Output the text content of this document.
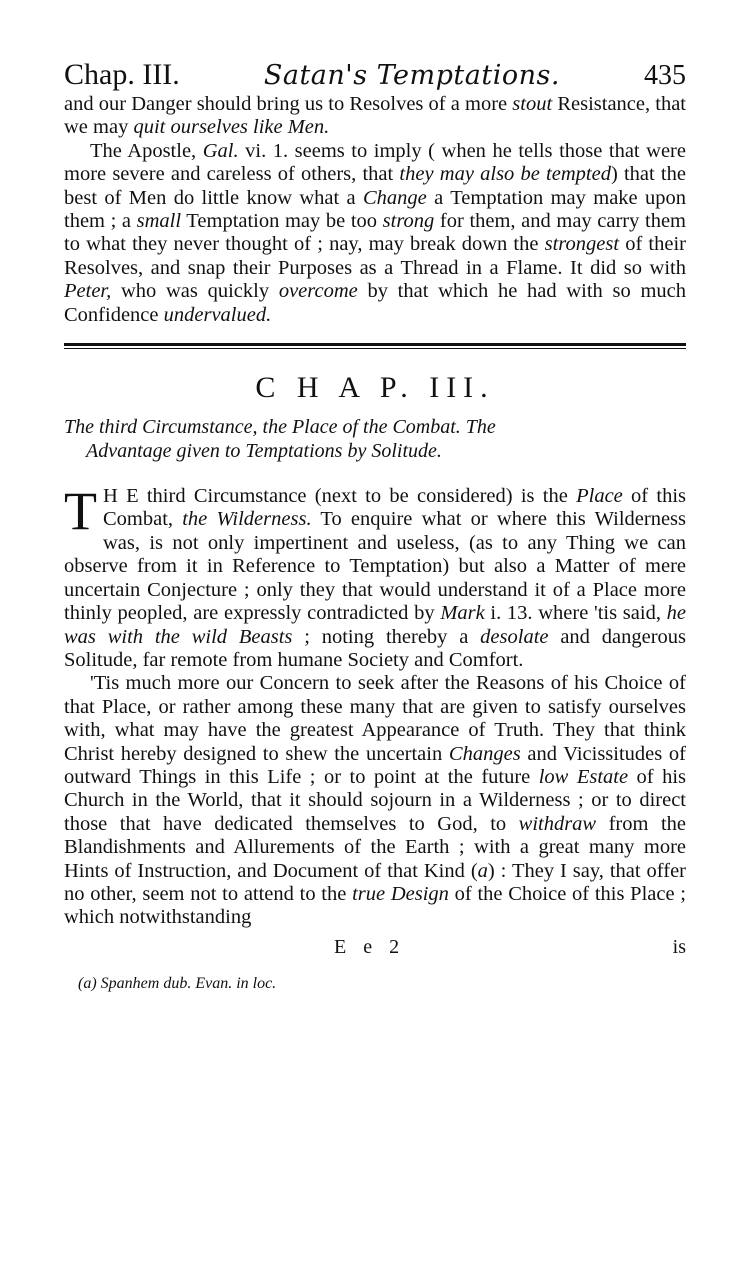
Chap. III.	Satan's Temptations.	435

and our Danger should bring us to Resolves of a more stout Resistance, that we may quit ourselves like Men.

The Apostle, Gal. vi. 1. seems to imply ( when he tells those that were more severe and careless of others, that they may also be tempted) that the best of Men do little know what a Change a Temptation may make upon them ; a small Temptation may be too strong for them, and may carry them to what they never thought of ; nay, may break down the strongest of their Resolves, and snap their Purposes as a Thread in a Flame. It did so with Peter, who was quickly overcome by that which he had with so much Confidence undervalued.

C H A P. III.
The third Circumstance, the Place of the Combat. The
Advantage given to Temptations by Solitude.

T H E third Circumstance (next to be considered) is the Place of this Combat, the Wilderness. To enquire what or where this Wilderness was, is not only impertinent and useless, (as to any Thing we can observe from it in Reference to Temptation) but also a Matter of mere uncertain Conjecture ; only they that would understand it of a Place more thinly peopled, are expressly contradicted by Mark i. 13. where 'tis said, he was with the wild Beasts ; noting thereby a desolate and dangerous Solitude, far remote from humane Society and Comfort.

'Tis much more our Concern to seek after the Reasons of his Choice of that Place, or rather among these many that are given to satisfy ourselves with, what may have the greatest Appearance of Truth. They that think Christ hereby designed to shew the uncertain Changes and Vicissitudes of outward Things in this Life ; or to point at the future low Estate of his Church in the World, that it should sojourn in a Wilderness ; or to direct those that have dedicated themselves to God, to withdraw from the Blandishments and Allurements of the Earth ; with a great many more Hints of Instruction, and Document of that Kind (a) : They I say, that offer no other, seem not to attend to the true Design of the Choice of this Place ; which notwithstanding

E e 2	is
(a) Spanhem dub. Evan. in loc.
